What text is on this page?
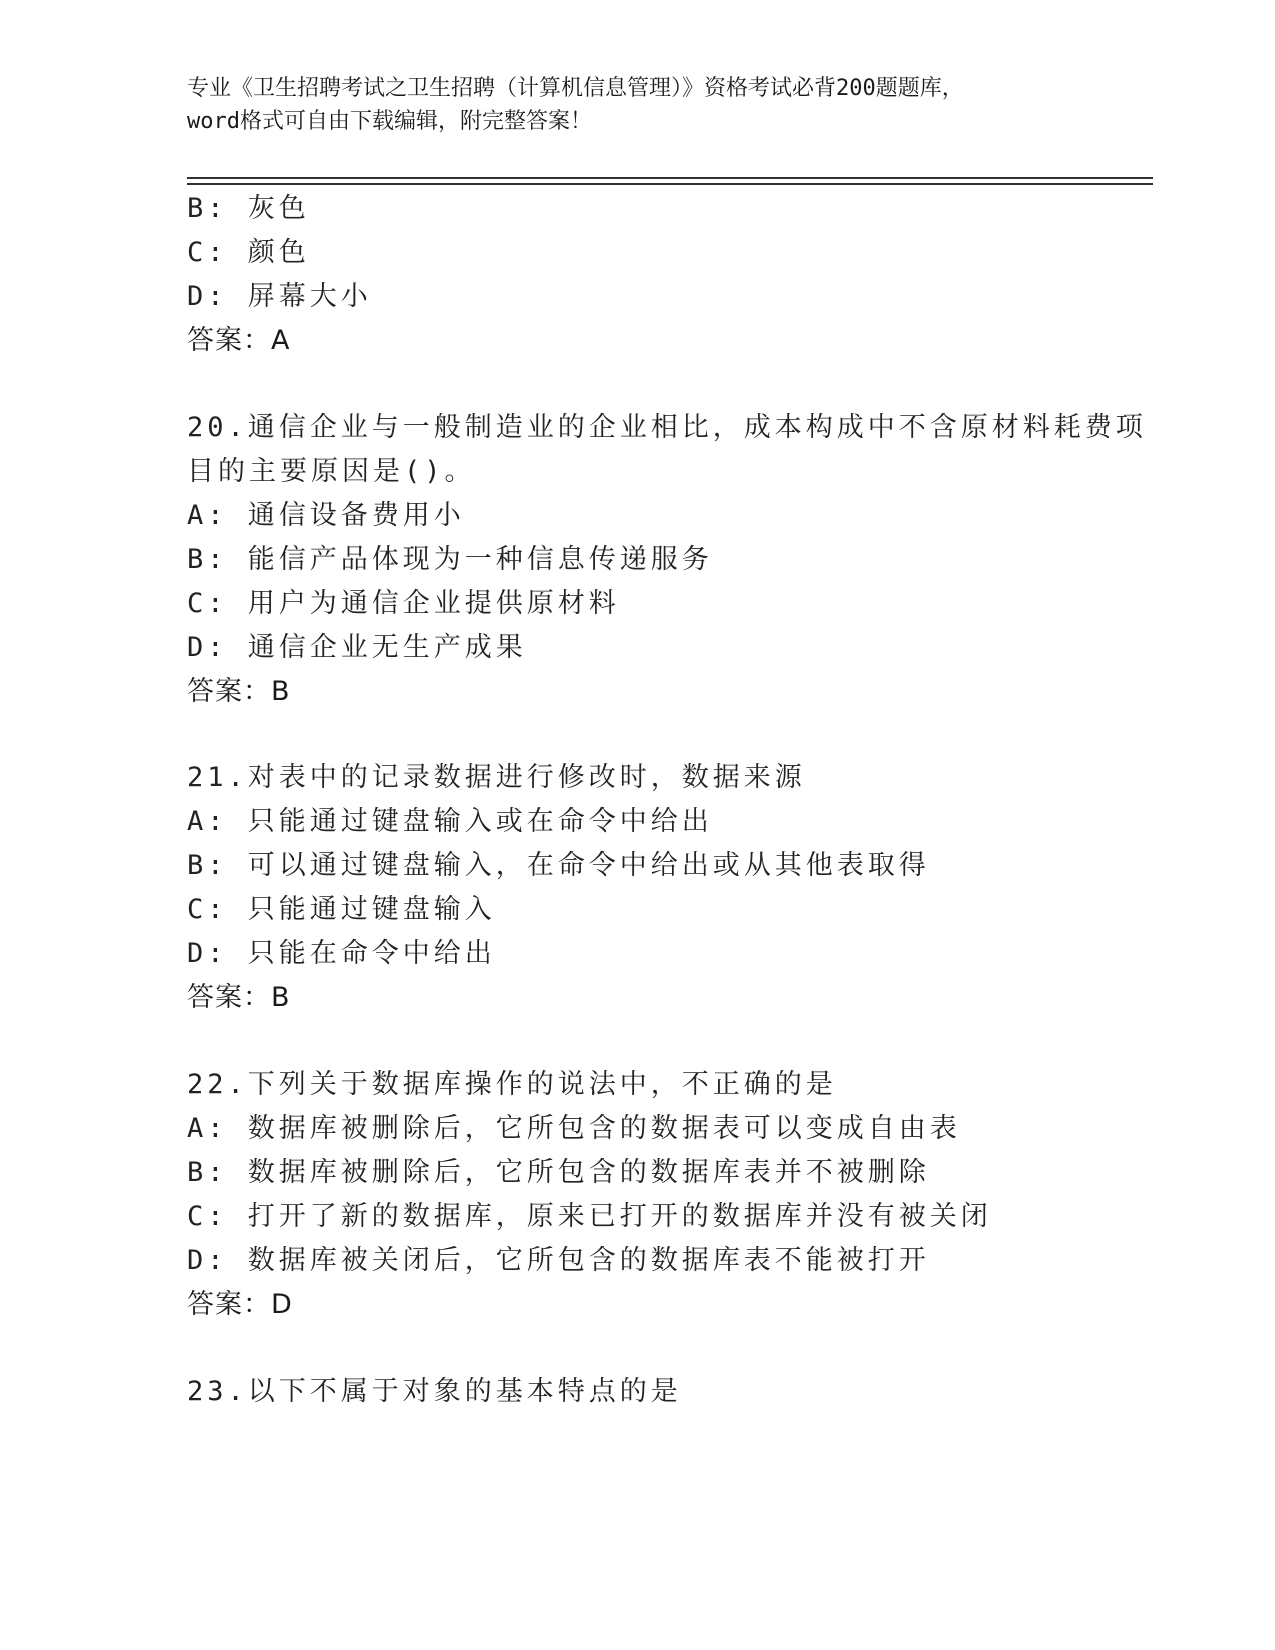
专业《卫生招聘考试之卫生招聘（计算机信息管理）》资格考试必背200题题库，
word格式可自由下载编辑，附完整答案！
B: 灰色
C: 颜色
D: 屏幕大小
答案：A
20.通信企业与一般制造业的企业相比，成本构成中不含原材料耗费项
目的主要原因是()。
A: 通信设备费用小
B: 能信产品体现为一种信息传递服务
C: 用户为通信企业提供原材料
D: 通信企业无生产成果
答案：B
21.对表中的记录数据进行修改时，数据来源
A: 只能通过键盘输入或在命令中给出
B: 可以通过键盘输入，在命令中给出或从其他表取得
C: 只能通过键盘输入
D: 只能在命令中给出
答案：B
22.下列关于数据库操作的说法中，不正确的是
A: 数据库被删除后，它所包含的数据表可以变成自由表
B: 数据库被删除后，它所包含的数据库表并不被删除
C: 打开了新的数据库，原来已打开的数据库并没有被关闭
D: 数据库被关闭后，它所包含的数据库表不能被打开
答案：D
23.以下不属于对象的基本特点的是
